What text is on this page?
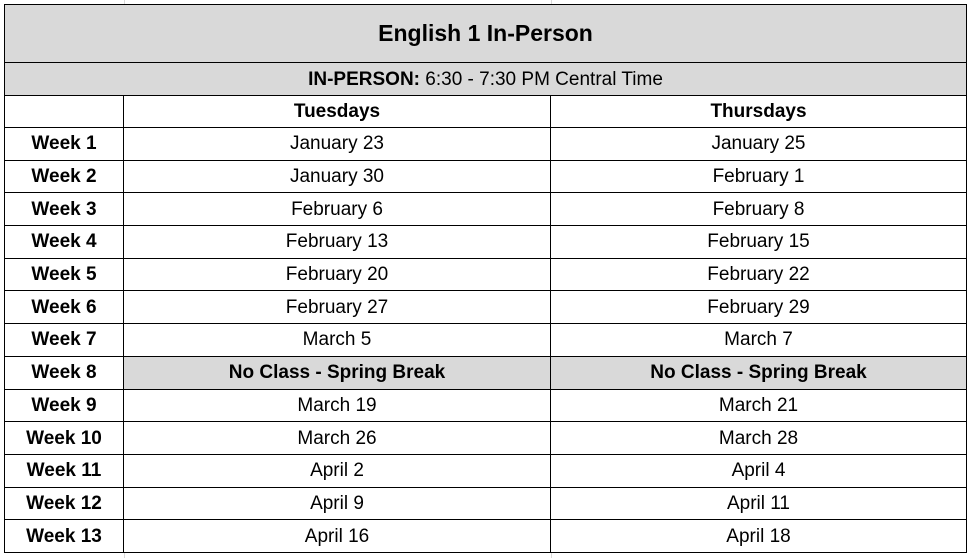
English 1 In-Person		
IN-PERSON: 6:30 - 7:30 PM Central Time		
	Tuesdays	Thursdays
Week 1	January 23	January 25
Week 2	January 30	February 1
Week 3	February 6	February 8
Week 4	February 13	February 15
Week 5	February 20	February 22
Week 6	February 27	February 29
Week 7	March 5	March 7
Week 8	No Class - Spring Break	No Class - Spring Break
Week 9	March 19	March 21
Week 10	March 26	March 28
Week 11	April 2	April 4
Week 12	April 9	April 11
Week 13	April 16	April 18
